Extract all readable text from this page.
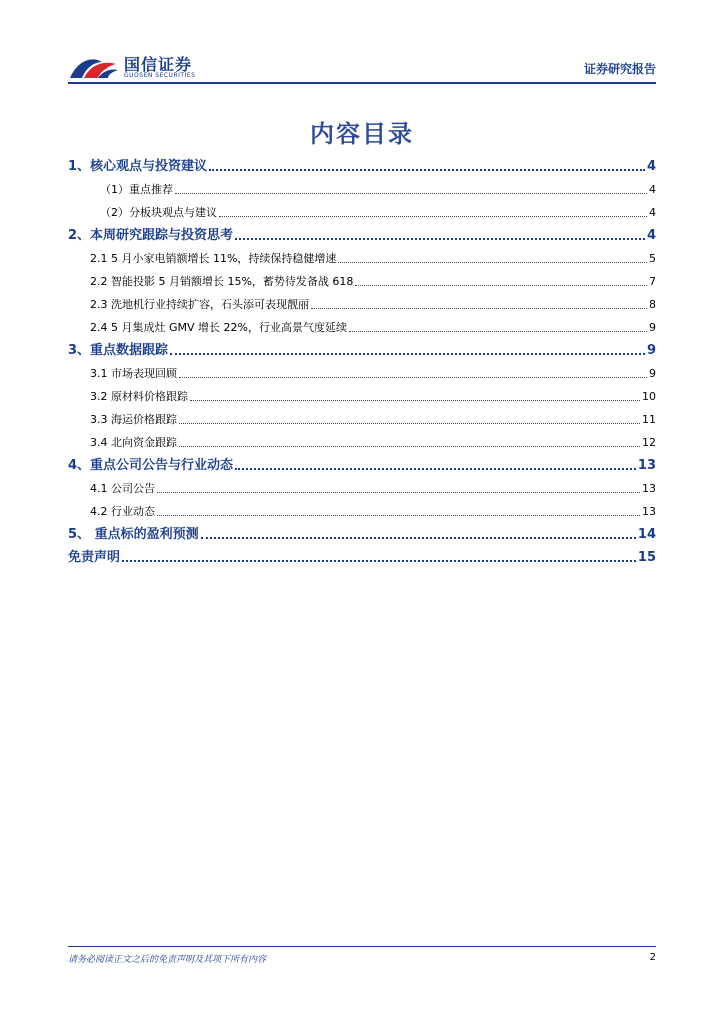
国信证券
GUOSEN SECURITIES	证券研究报告
内容目录
1、核心观点与投资建议	4
（1）重点推荐	4
（2）分板块观点与建议	4
2、本周研究跟踪与投资思考	4
2.1 5 月小家电销额增长 11%，持续保持稳健增速	5
2.2 智能投影 5 月销额增长 15%，蓄势待发备战 618	7
2.3 洗地机行业持续扩容，石头添可表现靓丽	8
2.4 5 月集成灶 GMV 增长 22%，行业高景气度延续	9
3、重点数据跟踪	9
3.1 市场表现回顾	9
3.2 原材料价格跟踪	10
3.3 海运价格跟踪	11
3.4 北向资金跟踪	12
4、重点公司公告与行业动态	13
4.1 公司公告	13
4.2 行业动态	13
5、 重点标的盈利预测	14
免责声明	15
请务必阅读正文之后的免责声明及其项下所有内容	2
